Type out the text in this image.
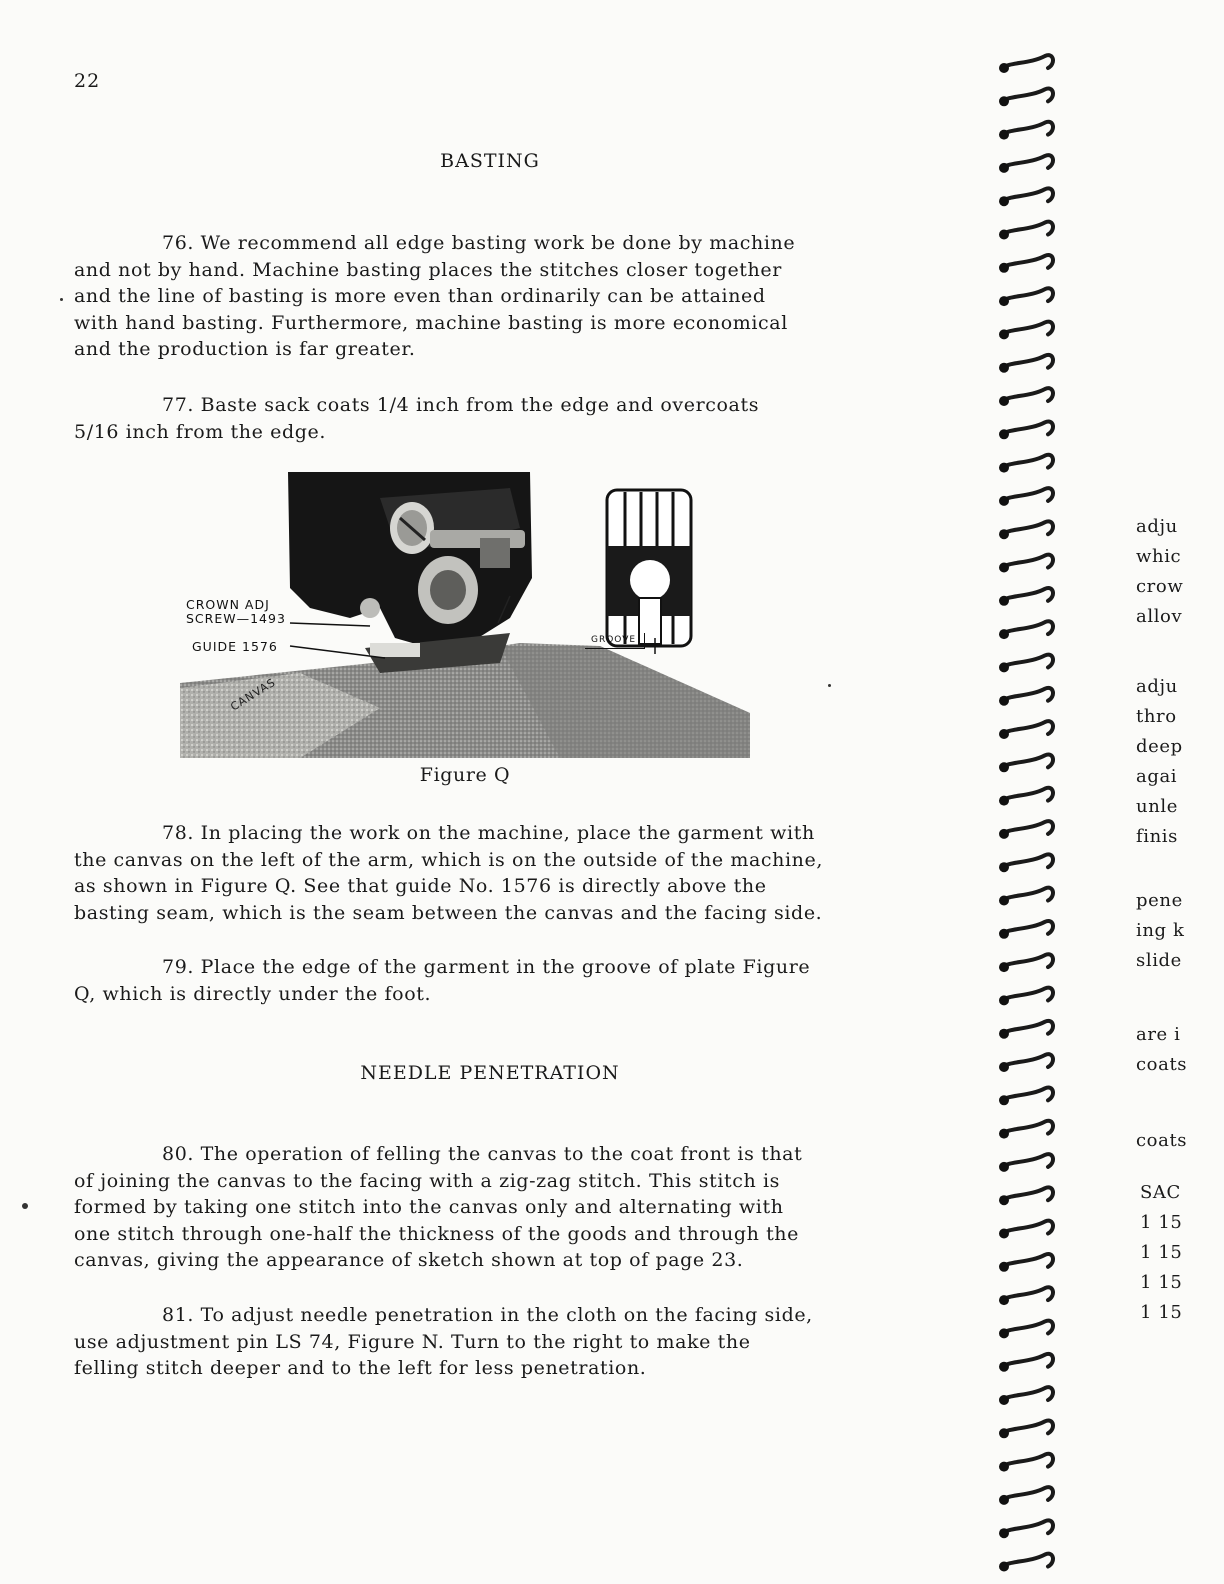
22
BASTING

76. We recommend all edge basting work be done by machine
and not by hand. Machine basting places the stitches closer together
and the line of basting is more even than ordinarily can be attained
with hand basting. Furthermore, machine basting is more economical
and the production is far greater.

77. Baste sack coats 1/4 inch from the edge and overcoats
5/16 inch from the edge.

CROWN ADJ
SCREW—1493
GUIDE 1576
CANVAS
GROOVE
Figure Q

78. In placing the work on the machine, place the garment with
the canvas on the left of the arm, which is on the outside of the machine,
as shown in Figure Q. See that guide No. 1576 is directly above the
basting seam, which is the seam between the canvas and the facing side.

79. Place the edge of the garment in the groove of plate Figure
Q, which is directly under the foot.

NEEDLE PENETRATION

80. The operation of felling the canvas to the coat front is that
of joining the canvas to the facing with a zig-zag stitch. This stitch is
formed by taking one stitch into the canvas only and alternating with
one stitch through one-half the thickness of the goods and through the
canvas, giving the appearance of sketch shown at top of page 23.

81. To adjust needle penetration in the cloth on the facing side,
use adjustment pin LS 74, Figure N. Turn to the right to make the
felling stitch deeper and to the left for less penetration.

adju
whic
crow
allov
adju
thro
deep
agai
unle
finis
pene
ing k
slide
are i
coats
coats
SAC
1 15
1 15
1 15
1 15
